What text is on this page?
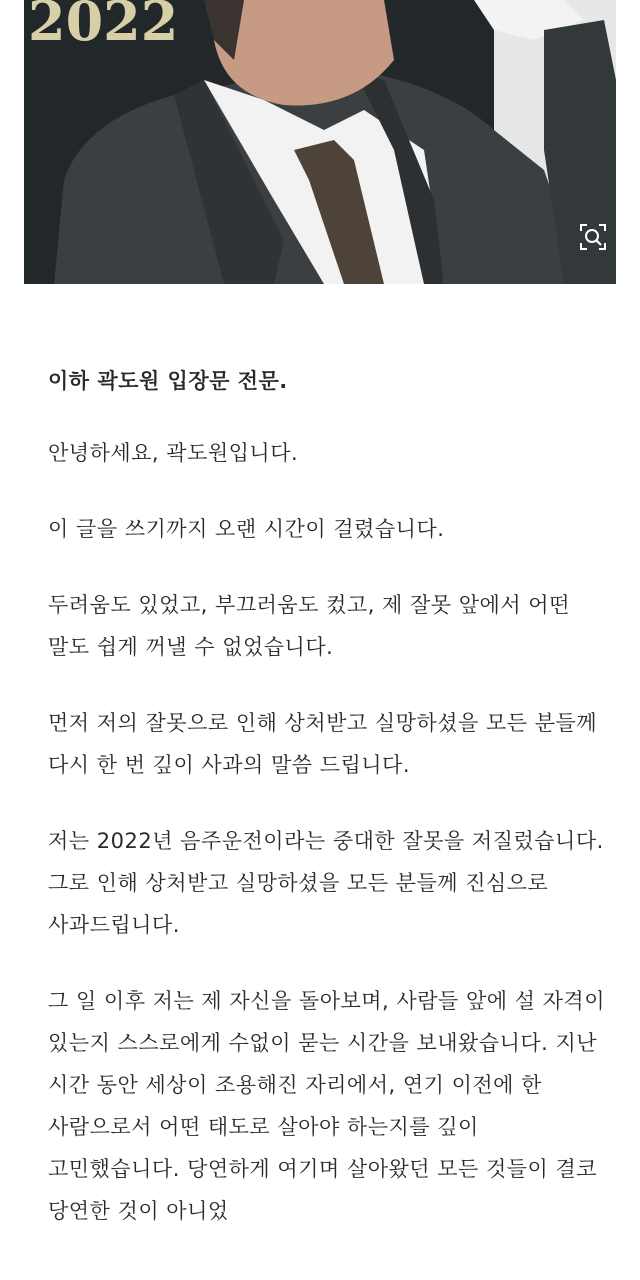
2022

이하 곽도원 입장문 전문.

안녕하세요, 곽도원입니다.

이 글을 쓰기까지 오랜 시간이 걸렸습니다.

두려움도 있었고, 부끄러움도 컸고, 제 잘못 앞에서 어떤 말도 쉽게 꺼낼 수 없었습니다.

먼저 저의 잘못으로 인해 상처받고 실망하셨을 모든 분들께 다시 한 번 깊이 사과의 말씀 드립니다.

저는 2022년 음주운전이라는 중대한 잘못을 저질렀습니다. 그로 인해 상처받고 실망하셨을 모든 분들께 진심으로 사과드립니다.

그 일 이후 저는 제 자신을 돌아보며, 사람들 앞에 설 자격이 있는지 스스로에게 수없이 묻는 시간을 보내왔습니다. 지난 시간 동안 세상이 조용해진 자리에서, 연기 이전에 한 사람으로서 어떤 태도로 살아야 하는지를 깊이 고민했습니다. 당연하게 여기며 살아왔던 모든 것들이 결코 당연한 것이 아니었
